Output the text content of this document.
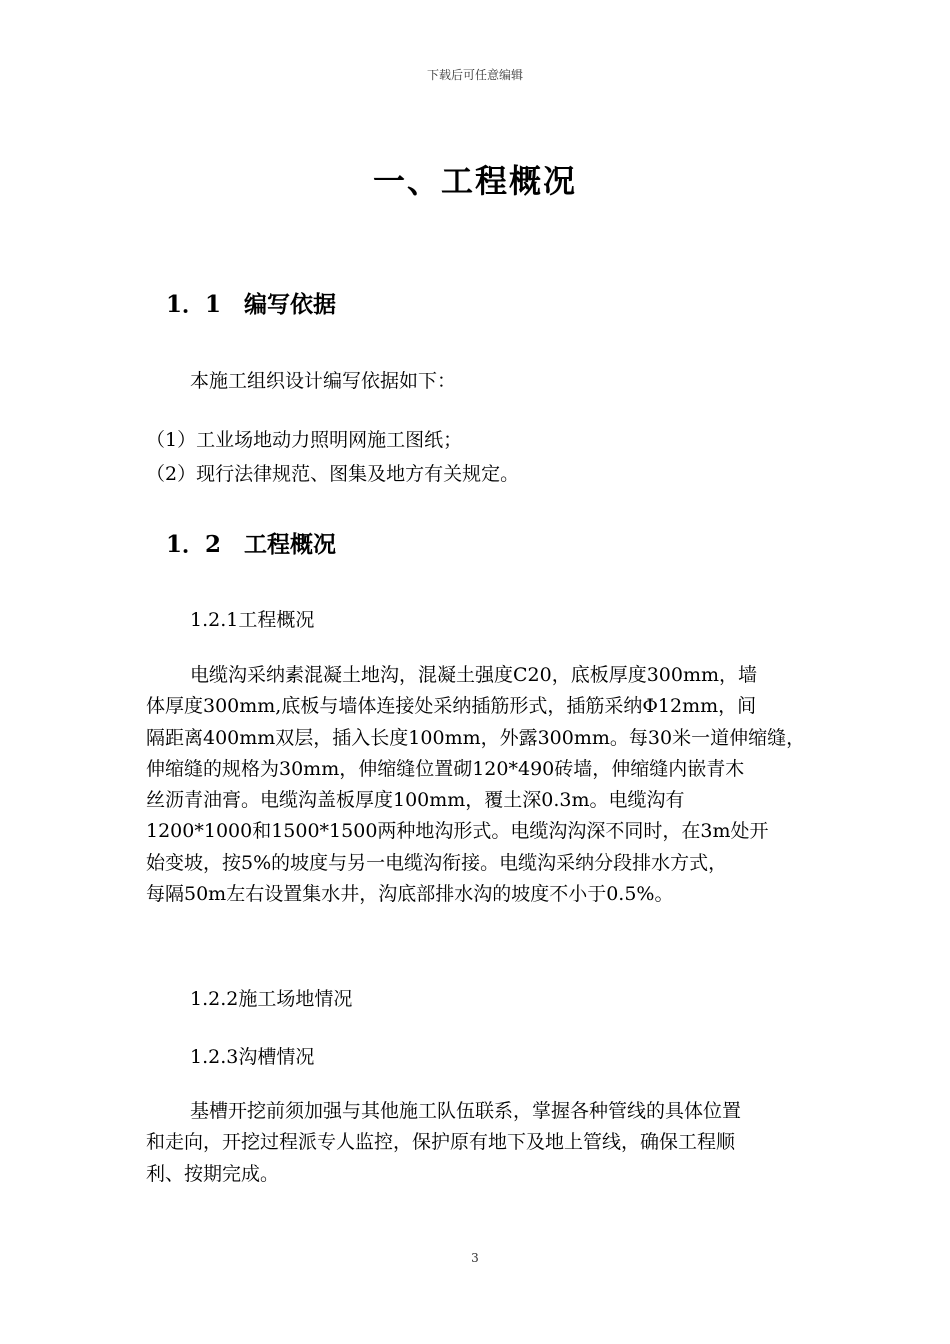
下载后可任意编辑
一、工程概况
1．1 编写依据
本施工组织设计编写依据如下：
（1）工业场地动力照明网施工图纸；
（2）现行法律规范、图集及地方有关规定。
1．2 工程概况
1.2.1工程概况
电缆沟采纳素混凝土地沟，混凝土强度C20，底板厚度300mm，墙
体厚度300mm,底板与墙体连接处采纳插筋形式，插筋采纳Φ12mm，间
隔距离400mm双层，插入长度100mm，外露300mm。每30米一道伸缩缝，
伸缩缝的规格为30mm，伸缩缝位置砌120*490砖墙，伸缩缝内嵌青木
丝沥青油膏。电缆沟盖板厚度100mm，覆土深0.3m。电缆沟有
1200*1000和1500*1500两种地沟形式。电缆沟沟深不同时，在3m处开
始变坡，按5%的坡度与另一电缆沟衔接。电缆沟采纳分段排水方式，
每隔50m左右设置集水井，沟底部排水沟的坡度不小于0.5%。
1.2.2施工场地情况
1.2.3沟槽情况
基槽开挖前须加强与其他施工队伍联系，掌握各种管线的具体位置
和走向，开挖过程派专人监控，保护原有地下及地上管线，确保工程顺
利、按期完成。
3
